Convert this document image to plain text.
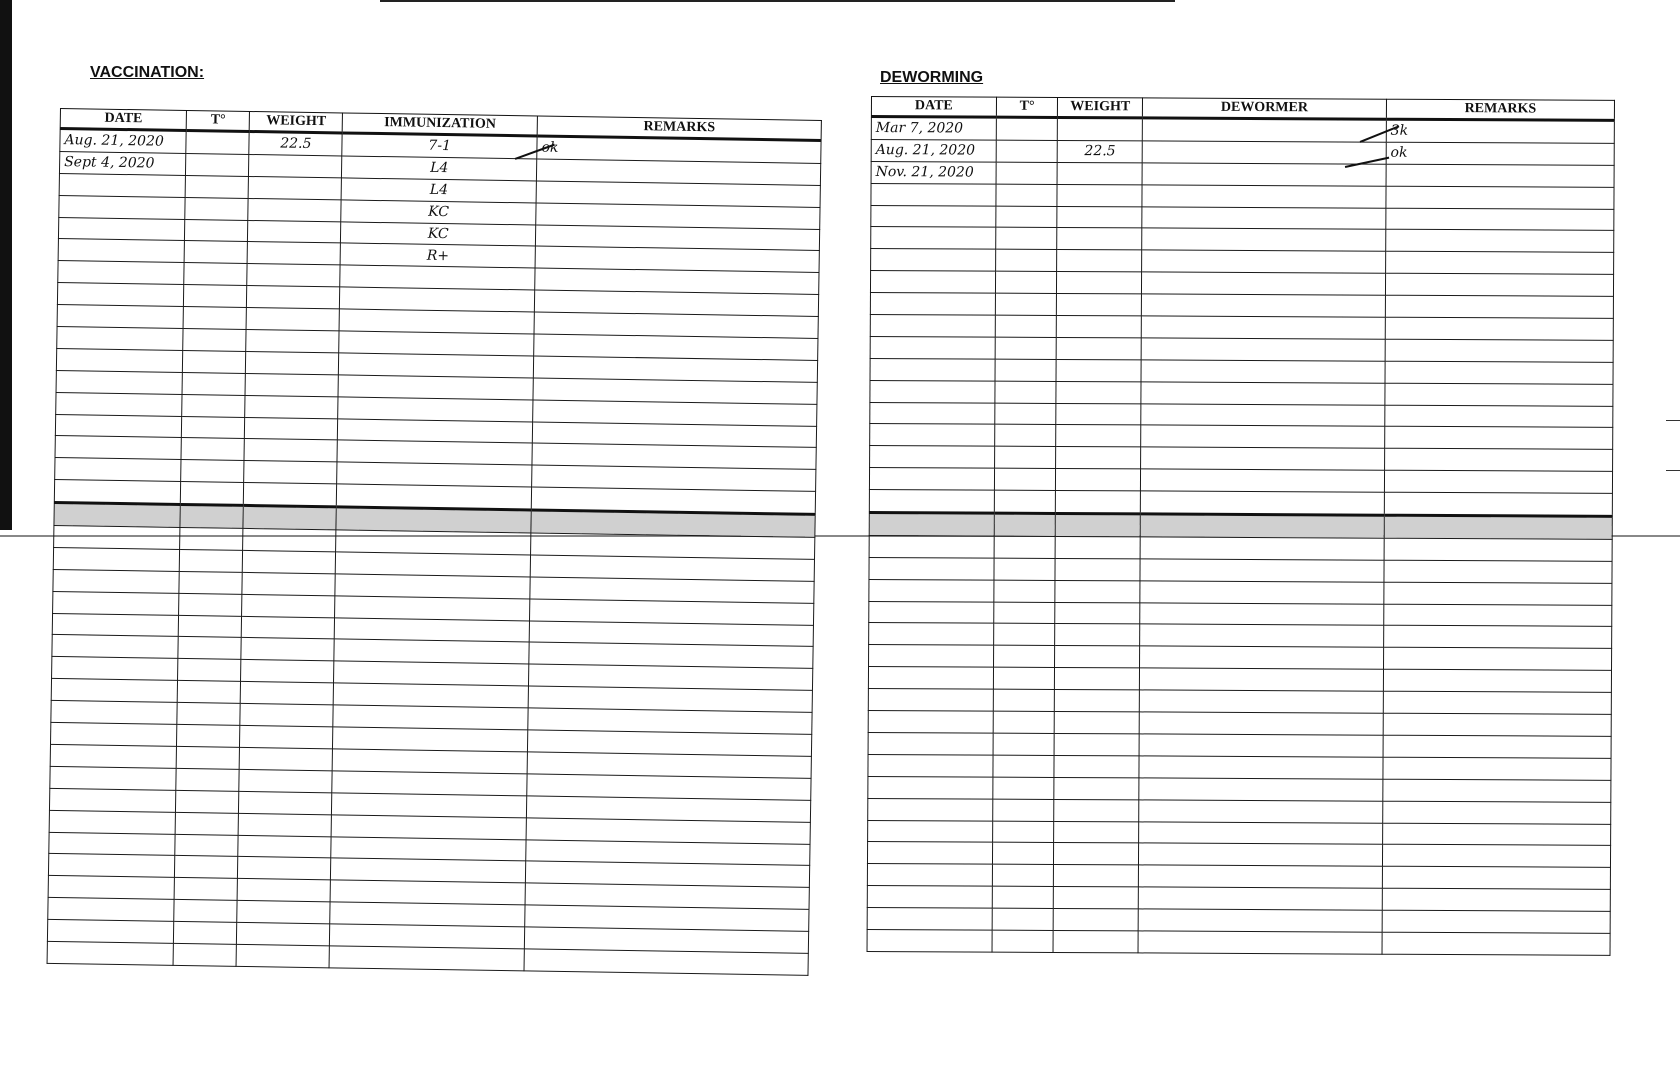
VACCINATION:
DATE	T°	WEIGHT	IMMUNIZATION	REMARKS
Aug. 21, 2020		22.5	7-1	ok
Sept 4, 2020			L4	
			L4	
			KC	
			KC	
			R+	

DEWORMING
DATE	T°	WEIGHT	DEWORMER	REMARKS
Mar 7, 2020				3k
Aug. 21, 2020		22.5		ok
Nov. 21, 2020				
